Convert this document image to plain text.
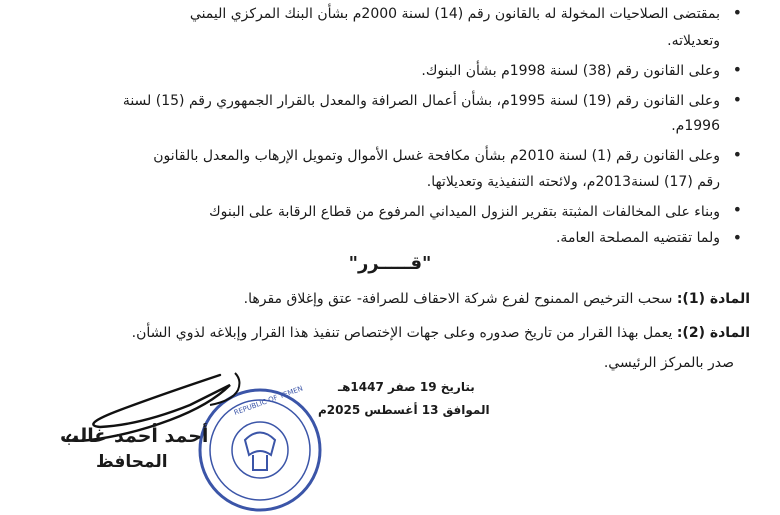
•
بمقتضى الصلاحيات المخولة له بالقانون رقم (14) لسنة 2000م بشأن البنك المركزي اليمني
وتعديلاته.
•
وعلى القانون رقم (38) لسنة 1998م بشأن البنوك.
•
وعلى القانون رقم (19) لسنة 1995م، بشأن أعمال الصرافة والمعدل بالقرار الجمهوري رقم (15) لسنة
1996م.
•
وعلى القانون رقم (1) لسنة 2010م بشأن مكافحة غسل الأموال وتمويل الإرهاب والمعدل بالقانون
رقم (17) لسنة2013م، ولائحته التنفيذية وتعديلاتها.
•
وبناء على المخالفات المثبتة بتقرير النزول الميداني المرفوع من قطاع الرقابة على البنوك
•
ولما تقتضيه المصلحة العامة.
"قـــــرر"
المادة (1): سحب الترخيص الممنوح لفرع شركة الاحقاف للصرافة- عتق وإغلاق مقرها.
المادة (2): يعمل بهذا القرار من تاريخ صدوره وعلى جهات الإختصاص تنفيذ هذا القرار وإبلاغه لذوي الشأن.
صدر بالمركز الرئيسي.
بتاريخ 19 صفر 1447هـ
الموافق 13 أغسطس 2025م
REPUBLIC OF YEMEN
أحمد أحمد غالب
المحافظ
